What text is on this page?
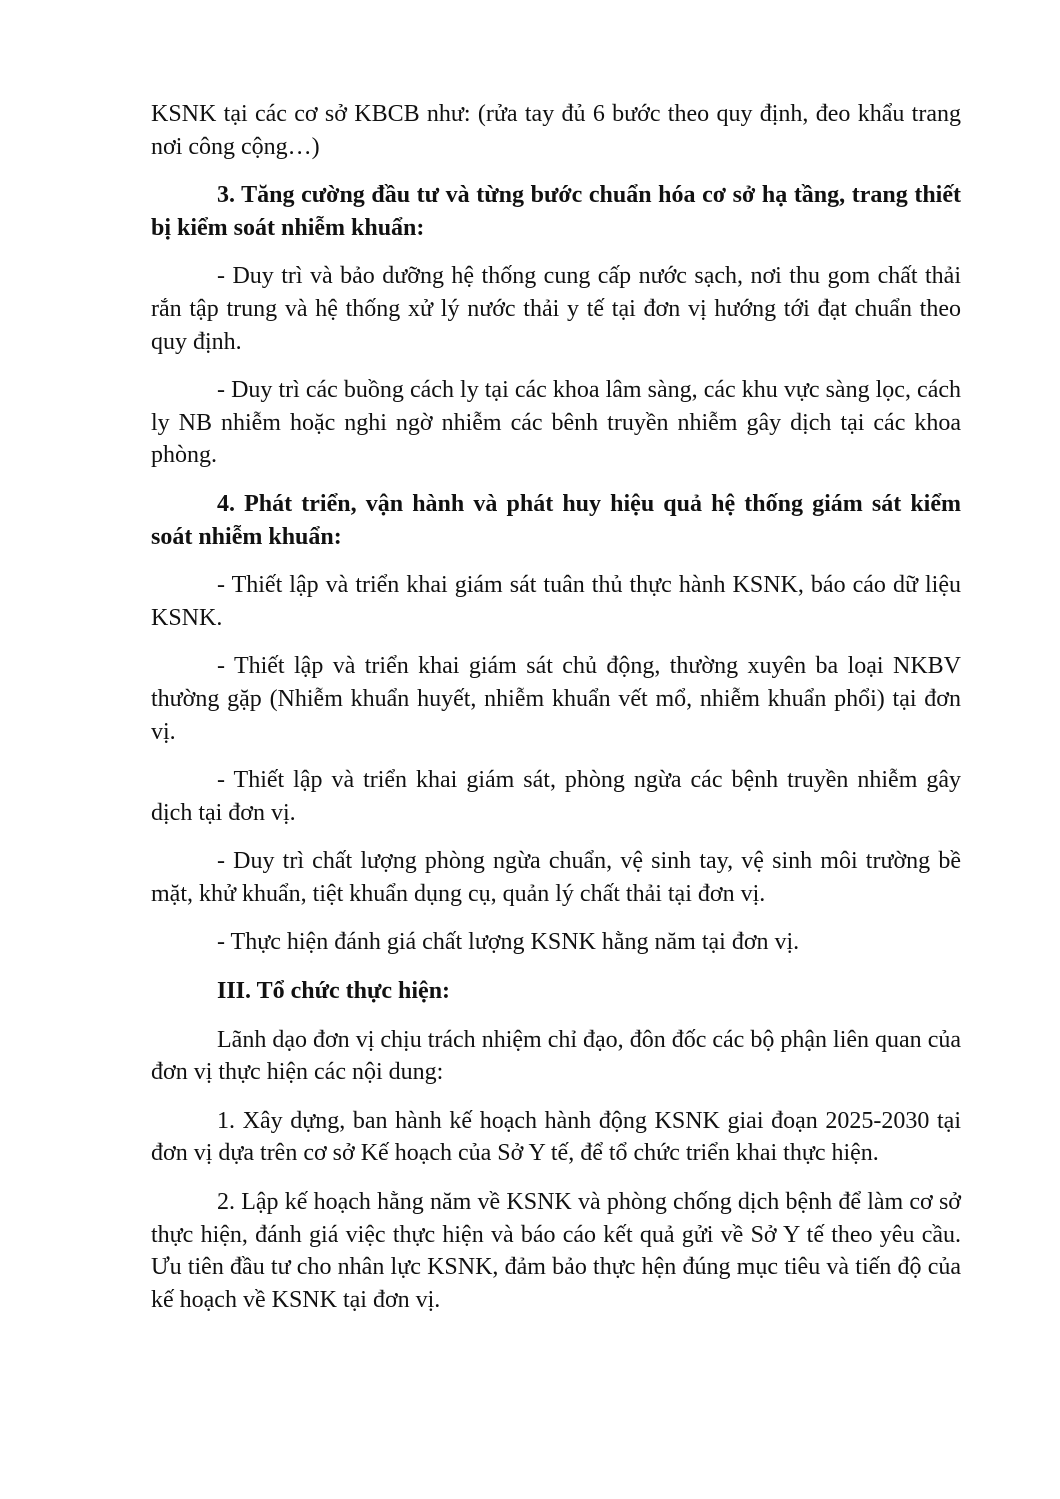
KSNK tại các cơ sở KBCB như: (rửa tay đủ 6 bước theo quy định, đeo khẩu trang nơi công cộng…)

3. Tăng cường đầu tư và từng bước chuẩn hóa cơ sở hạ tầng, trang thiết bị kiểm soát nhiễm khuẩn:

- Duy trì và bảo dưỡng hệ thống cung cấp nước sạch, nơi thu gom chất thải rắn tập trung và hệ thống xử lý nước thải y tế tại đơn vị hướng tới đạt chuẩn theo quy định.

- Duy trì các buồng cách ly tại các khoa lâm sàng, các khu vực sàng lọc, cách ly NB nhiễm hoặc nghi ngờ nhiễm các bênh truyền nhiễm gây dịch tại các khoa phòng.

4. Phát triển, vận hành và phát huy hiệu quả hệ thống giám sát kiểm soát nhiễm khuẩn:

- Thiết lập và triển khai giám sát tuân thủ thực hành KSNK, báo cáo dữ liệu KSNK.

- Thiết lập và triển khai giám sát chủ động, thường xuyên ba loại NKBV thường gặp (Nhiễm khuẩn huyết, nhiễm khuẩn vết mổ, nhiễm khuẩn phổi) tại đơn vị.

- Thiết lập và triển khai giám sát, phòng ngừa các bệnh truyền nhiễm gây dịch tại đơn vị.

- Duy trì chất lượng phòng ngừa chuẩn, vệ sinh tay, vệ sinh môi trường bề mặt, khử khuẩn, tiệt khuẩn dụng cụ, quản lý chất thải tại đơn vị.

- Thực hiện đánh giá chất lượng KSNK hằng năm tại đơn vị.

III. Tổ chức thực hiện:

Lãnh dạo đơn vị chịu trách nhiệm chỉ đạo, đôn đốc các bộ phận liên quan của đơn vị thực hiện các nội dung:

1. Xây dựng, ban hành kế hoạch hành động KSNK giai đoạn 2025-2030 tại đơn vị dựa trên cơ sở Kế hoạch của Sở Y tế, để tổ chức triển khai thực hiện.

2. Lập kế hoạch hằng năm về KSNK và phòng chống dịch bệnh để làm cơ sở thực hiện, đánh giá việc thực hiện và báo cáo kết quả gửi về Sở Y tế theo yêu cầu. Ưu tiên đầu tư cho nhân lực KSNK, đảm bảo thực hện đúng mục tiêu và tiến độ của kế hoạch về KSNK tại đơn vị.
